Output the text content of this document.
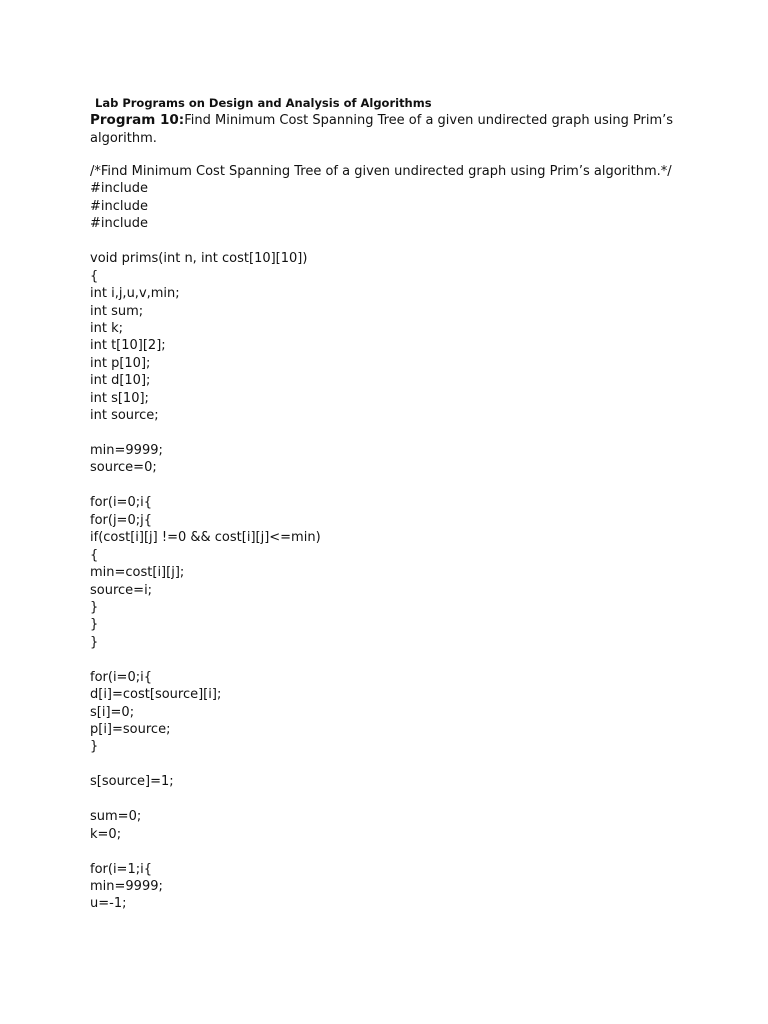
Lab Programs on Design and Analysis of Algorithms
Program 10:Find Minimum Cost Spanning Tree of a given undirected graph using Prim’s algorithm.
/*Find Minimum Cost Spanning Tree of a given undirected graph using Prim’s algorithm.*/
#include
#include
#include
void prims(int n, int cost[10][10])
{
int i,j,u,v,min;
int sum;
int k;
int t[10][2];
int p[10];
int d[10];
int s[10];
int source;
min=9999;
source=0;
for(i=0;i{
for(j=0;j{
if(cost[i][j] !=0 && cost[i][j]<=min)
{
min=cost[i][j];
source=i;
}
}
}
for(i=0;i{
d[i]=cost[source][i];
s[i]=0;
p[i]=source;
}
s[source]=1;
sum=0;
k=0;
for(i=1;i{
min=9999;
u=-1;
